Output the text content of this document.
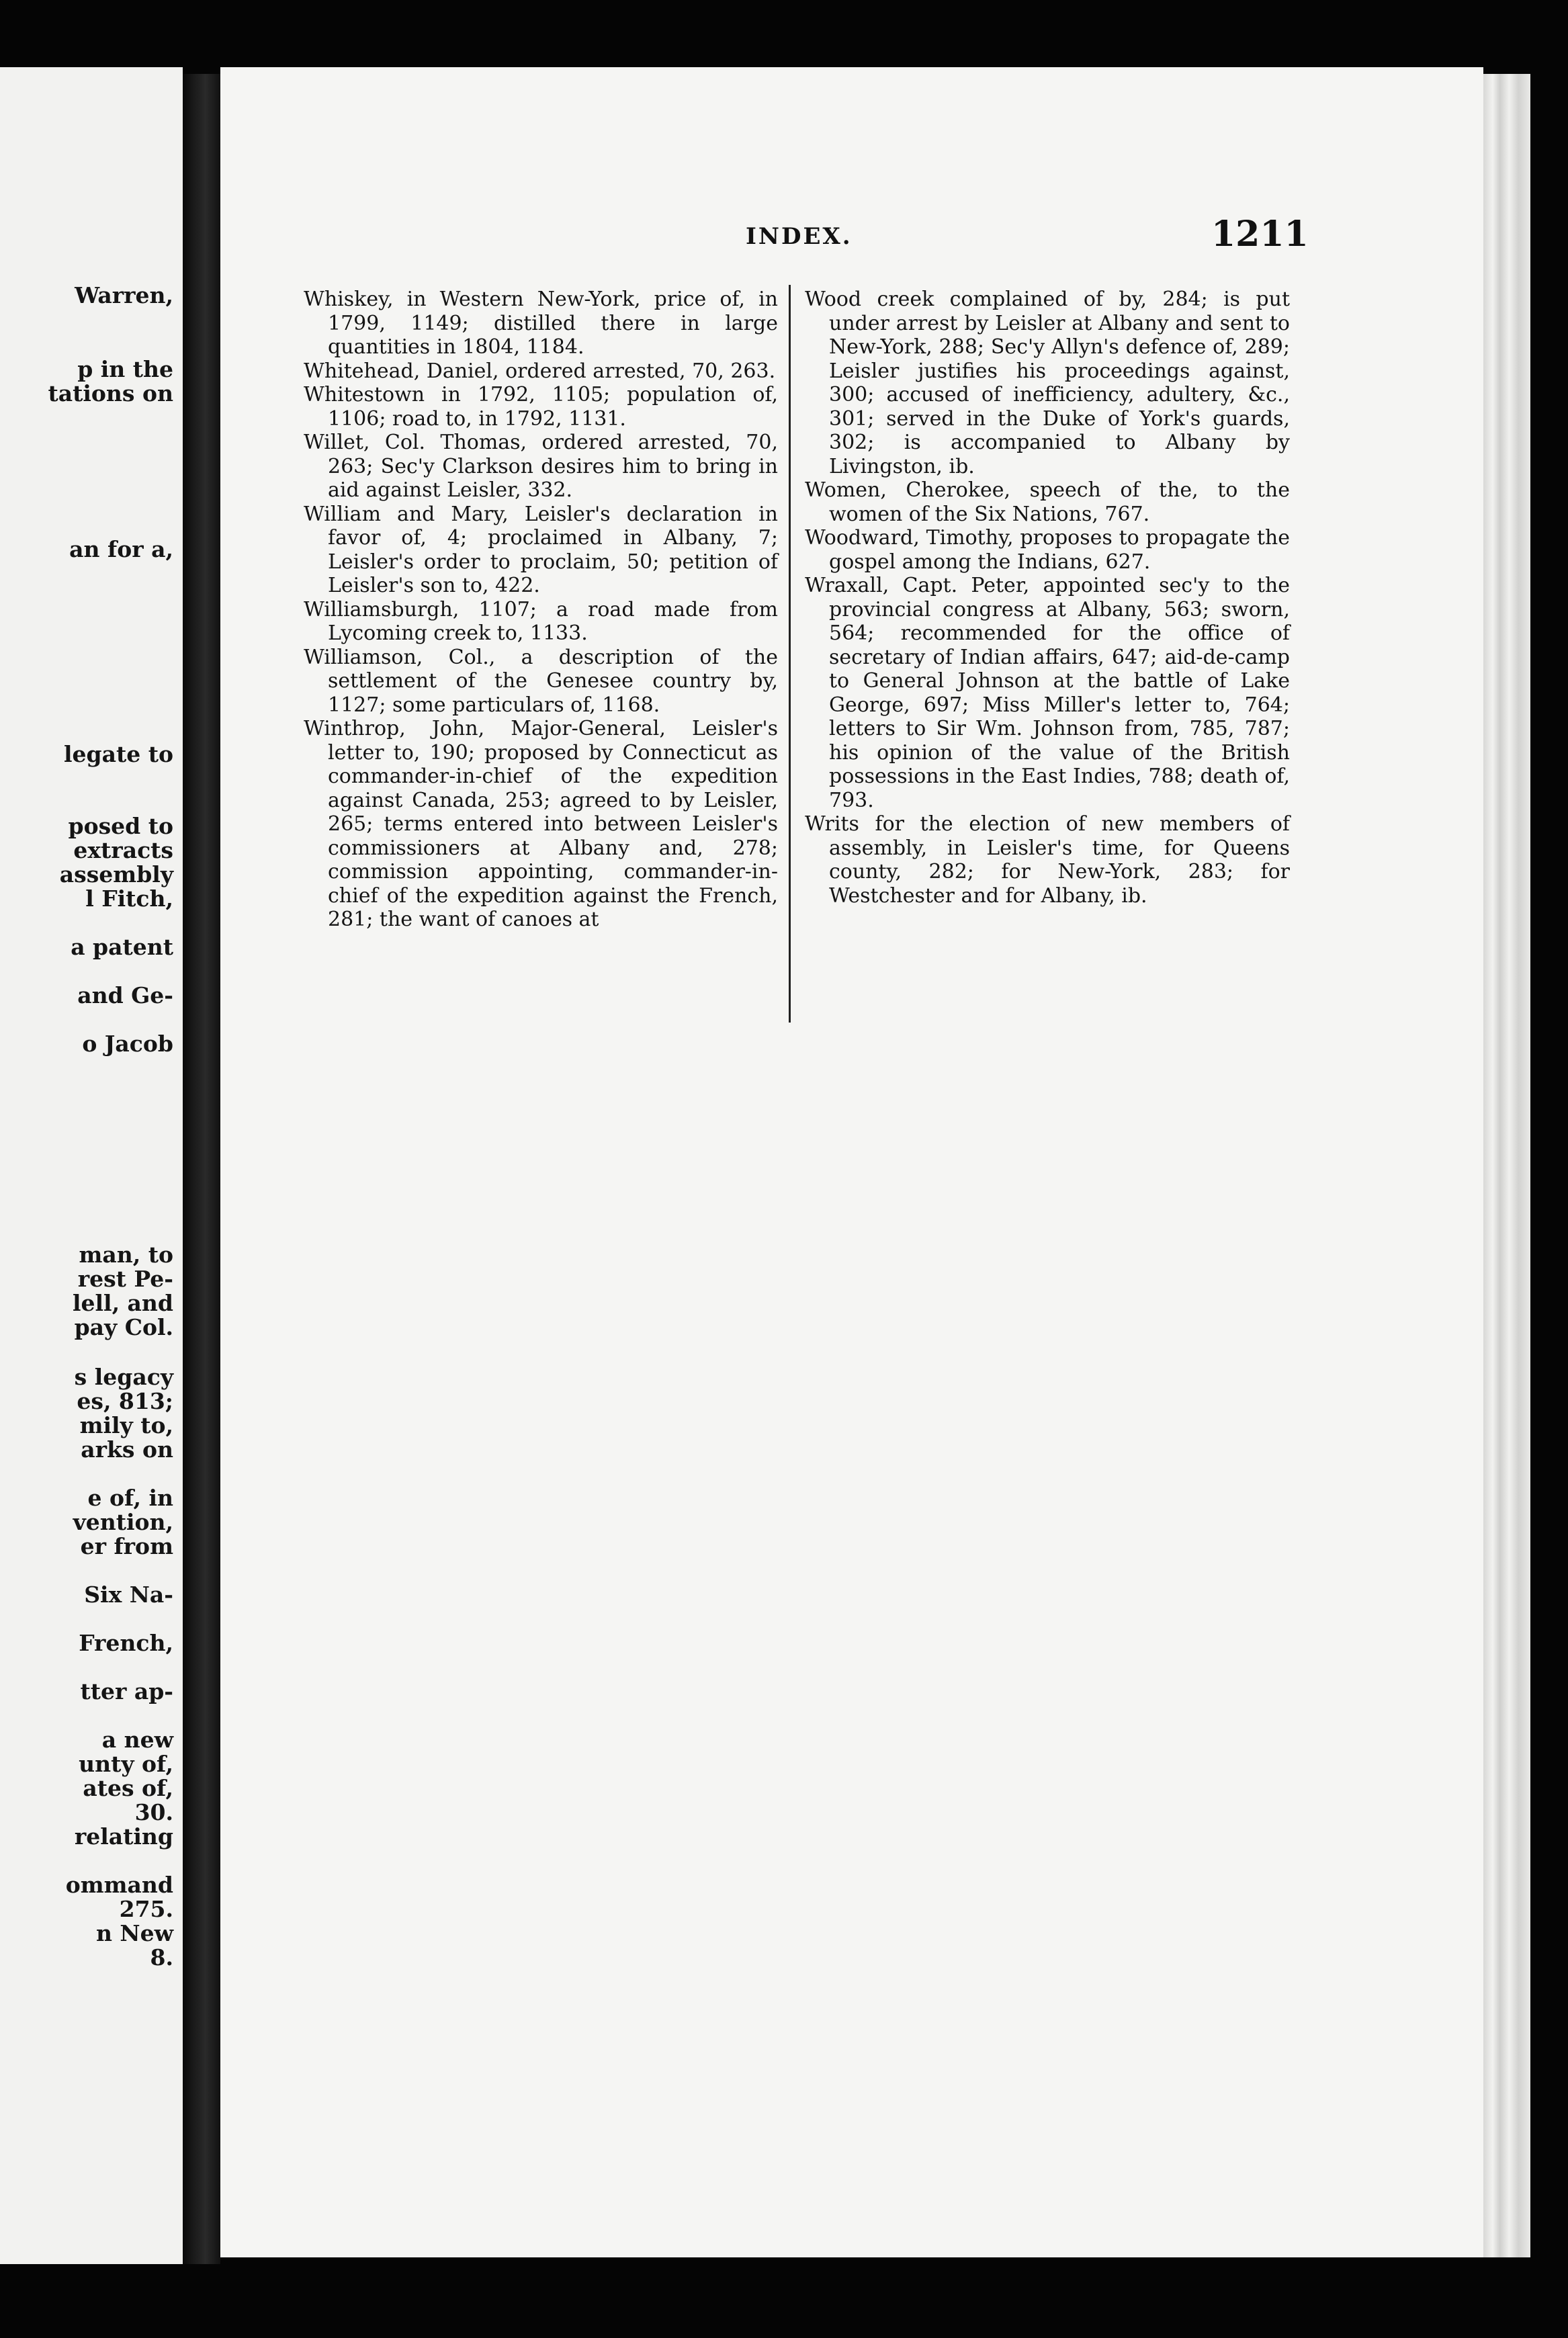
Warren,
p in the
tations on
an for a,
legate to
posed to
extracts
assembly
l Fitch,
a patent
and Ge-
o Jacob
man, to
rest Pe-
lell, and
pay Col.
s legacy
es, 813;
mily to,
arks on
e of, in
vention,
er from
Six Na-
French,
tter ap-
a new
unty of,
ates of,
30.
relating
ommand
275.
n New
8.
INDEX.	1211

Whiskey, in Western New-York, price of, in 1799, 1149; distilled there in large quantities in 1804, 1184.

Whitehead, Daniel, ordered arrested, 70, 263.

Whitestown in 1792, 1105; population of, 1106; road to, in 1792, 1131.

Willet, Col. Thomas, ordered arrested, 70, 263; Sec'y Clarkson desires him to bring in aid against Leisler, 332.

William and Mary, Leisler's declaration in favor of, 4; proclaimed in Albany, 7; Leisler's order to proclaim, 50; petition of Leisler's son to, 422.

Williamsburgh, 1107; a road made from Lycoming creek to, 1133.

Williamson, Col., a description of the settlement of the Genesee country by, 1127; some particulars of, 1168.

Winthrop, John, Major-General, Leisler's letter to, 190; proposed by Connecticut as commander-in-chief of the expedition against Canada, 253; agreed to by Leisler, 265; terms entered into between Leisler's commissioners at Albany and, 278; commission appointing, commander-in-chief of the expedition against the French, 281; the want of canoes at

Wood creek complained of by, 284; is put under arrest by Leisler at Albany and sent to New-York, 288; Sec'y Allyn's defence of, 289; Leisler justifies his proceedings against, 300; accused of inefficiency, adultery, &c., 301; served in the Duke of York's guards, 302; is accompanied to Albany by Livingston, ib.

Women, Cherokee, speech of the, to the women of the Six Nations, 767.

Woodward, Timothy, proposes to propagate the gospel among the Indians, 627.

Wraxall, Capt. Peter, appointed sec'y to the provincial congress at Albany, 563; sworn, 564; recommended for the office of secretary of Indian affairs, 647; aid-de-camp to General Johnson at the battle of Lake George, 697; Miss Miller's letter to, 764; letters to Sir Wm. Johnson from, 785, 787; his opinion of the value of the British possessions in the East Indies, 788; death of, 793.

Writs for the election of new members of assembly, in Leisler's time, for Queens county, 282; for New-York, 283; for Westchester and for Albany, ib.
